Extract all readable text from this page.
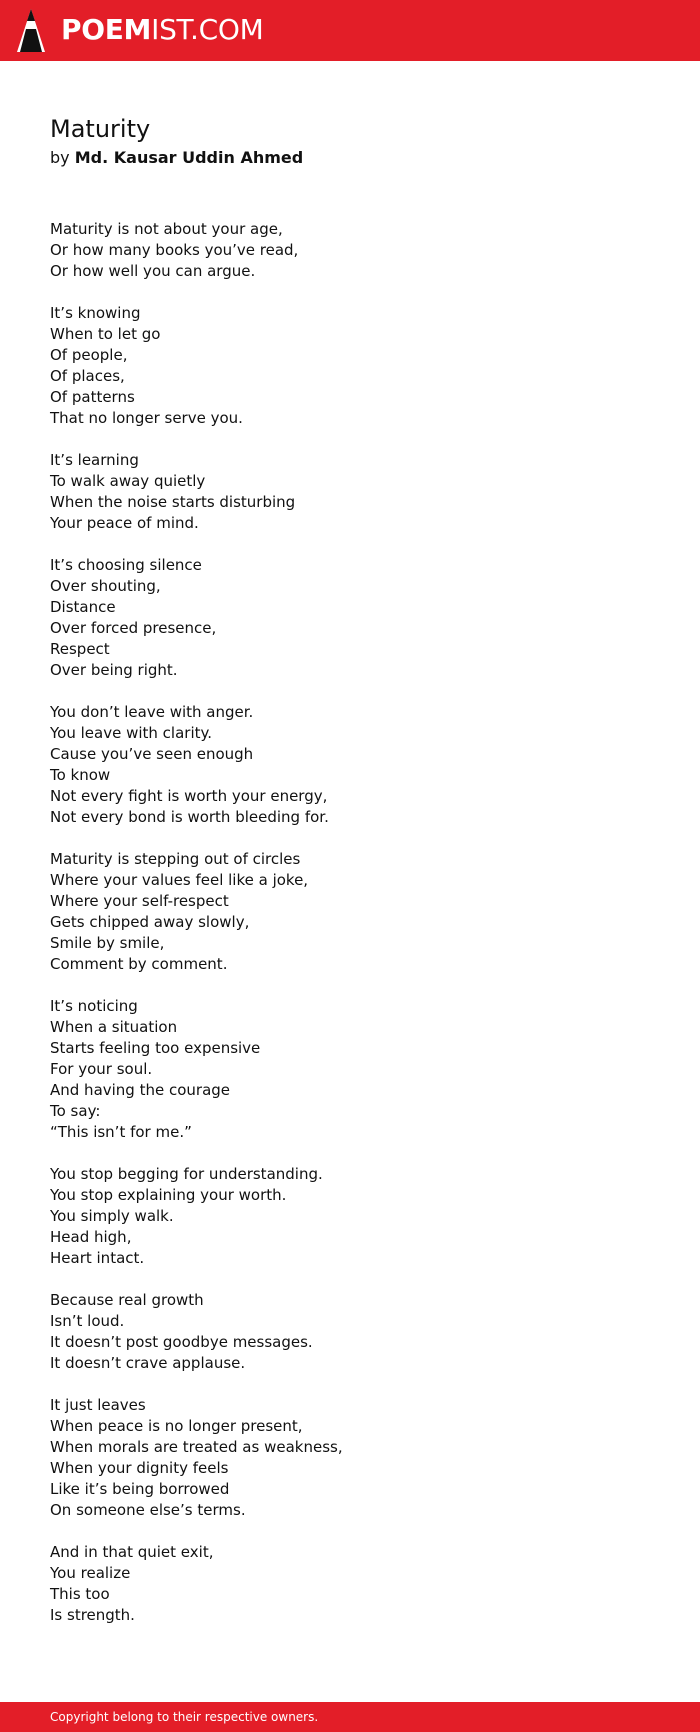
POEMIST.COM
Maturity

by Md. Kausar Uddin Ahmed

Maturity is not about your age,
Or how many books you’ve read,
Or how well you can argue.
It’s knowing
When to let go
Of people,
Of places,
Of patterns
That no longer serve you.
It’s learning
To walk away quietly
When the noise starts disturbing
Your peace of mind.
It’s choosing silence
Over shouting,
Distance
Over forced presence,
Respect
Over being right.
You don’t leave with anger.
You leave with clarity.
Cause you’ve seen enough
To know
Not every fight is worth your energy,
Not every bond is worth bleeding for.
Maturity is stepping out of circles
Where your values feel like a joke,
Where your self-respect
Gets chipped away slowly,
Smile by smile,
Comment by comment.
It’s noticing
When a situation
Starts feeling too expensive
For your soul.
And having the courage
To say:
“This isn’t for me.”
You stop begging for understanding.
You stop explaining your worth.
You simply walk.
Head high,
Heart intact.
Because real growth
Isn’t loud.
It doesn’t post goodbye messages.
It doesn’t crave applause.
It just leaves
When peace is no longer present,
When morals are treated as weakness,
When your dignity feels
Like it’s being borrowed
On someone else’s terms.
And in that quiet exit,
You realize
This too
Is strength.
Copyright belong to their respective owners.
